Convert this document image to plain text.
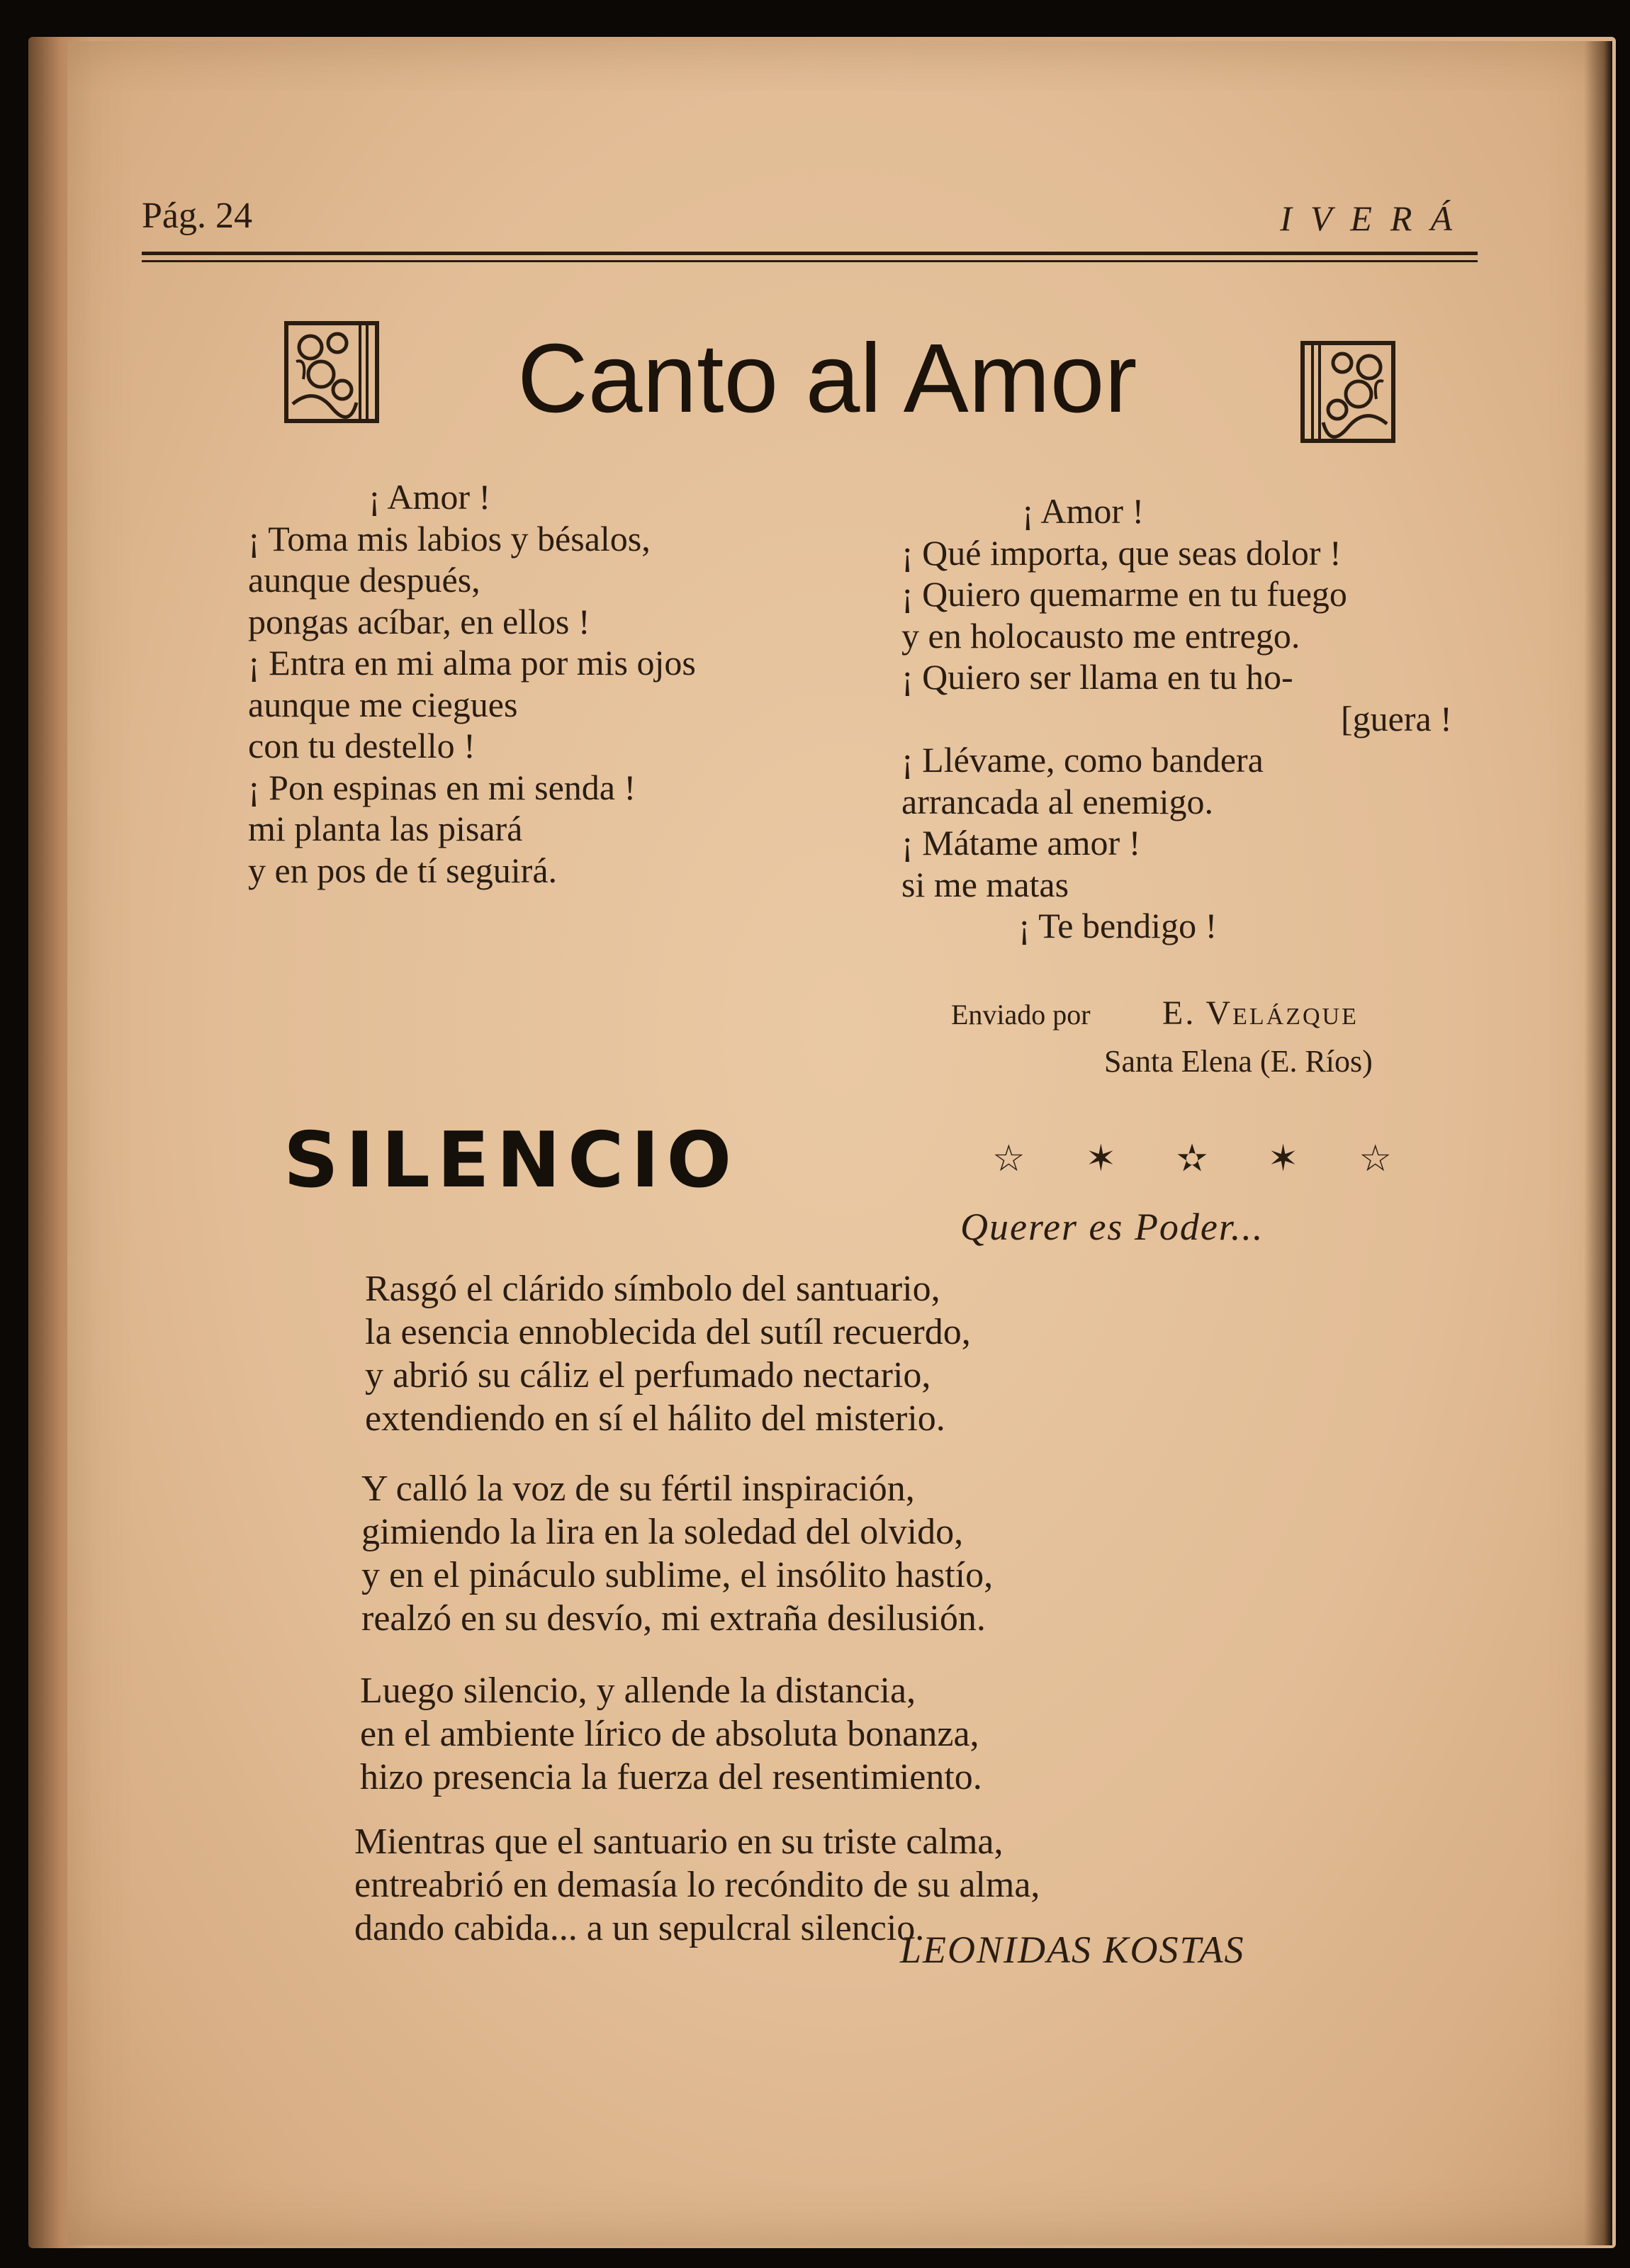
Pág. 24	IVERÁ
Canto al Amor
¡ Amor !
¡ Toma mis labios y bésalos,
aunque después,
pongas acíbar, en ellos !
¡ Entra en mi alma por mis ojos
aunque me ciegues
con tu destello !
¡ Pon espinas en mi senda !
mi planta las pisará
y en pos de tí seguirá.
¡ Amor !
¡ Qué importa, que seas dolor !
¡ Quiero quemarme en tu fuego
y en holocausto me entrego.
¡ Quiero ser llama en tu ho-
[guera !
¡ Llévame, como bandera
arrancada al enemigo.
¡ Mátame amor !
si me matas
¡ Te bendigo !
Enviado por E. Velázque
Santa Elena (E. Ríos)
SILENCIO	☆ ✶ ✫ ✶ ☆
Querer es Poder...
Rasgó el clárido símbolo del santuario,
la esencia ennoblecida del sutíl recuerdo,
y abrió su cáliz el perfumado nectario,
extendiendo en sí el hálito del misterio.
Y calló la voz de su fértil inspiración,
gimiendo la lira en la soledad del olvido,
y en el pináculo sublime, el insólito hastío,
realzó en su desvío, mi extraña desilusión.
Luego silencio, y allende la distancia,
en el ambiente lírico de absoluta bonanza,
hizo presencia la fuerza del resentimiento.
Mientras que el santuario en su triste calma,
entreabrió en demasía lo recóndito de su alma,
dando cabida... a un sepulcral silencio.
LEONIDAS KOSTAS
